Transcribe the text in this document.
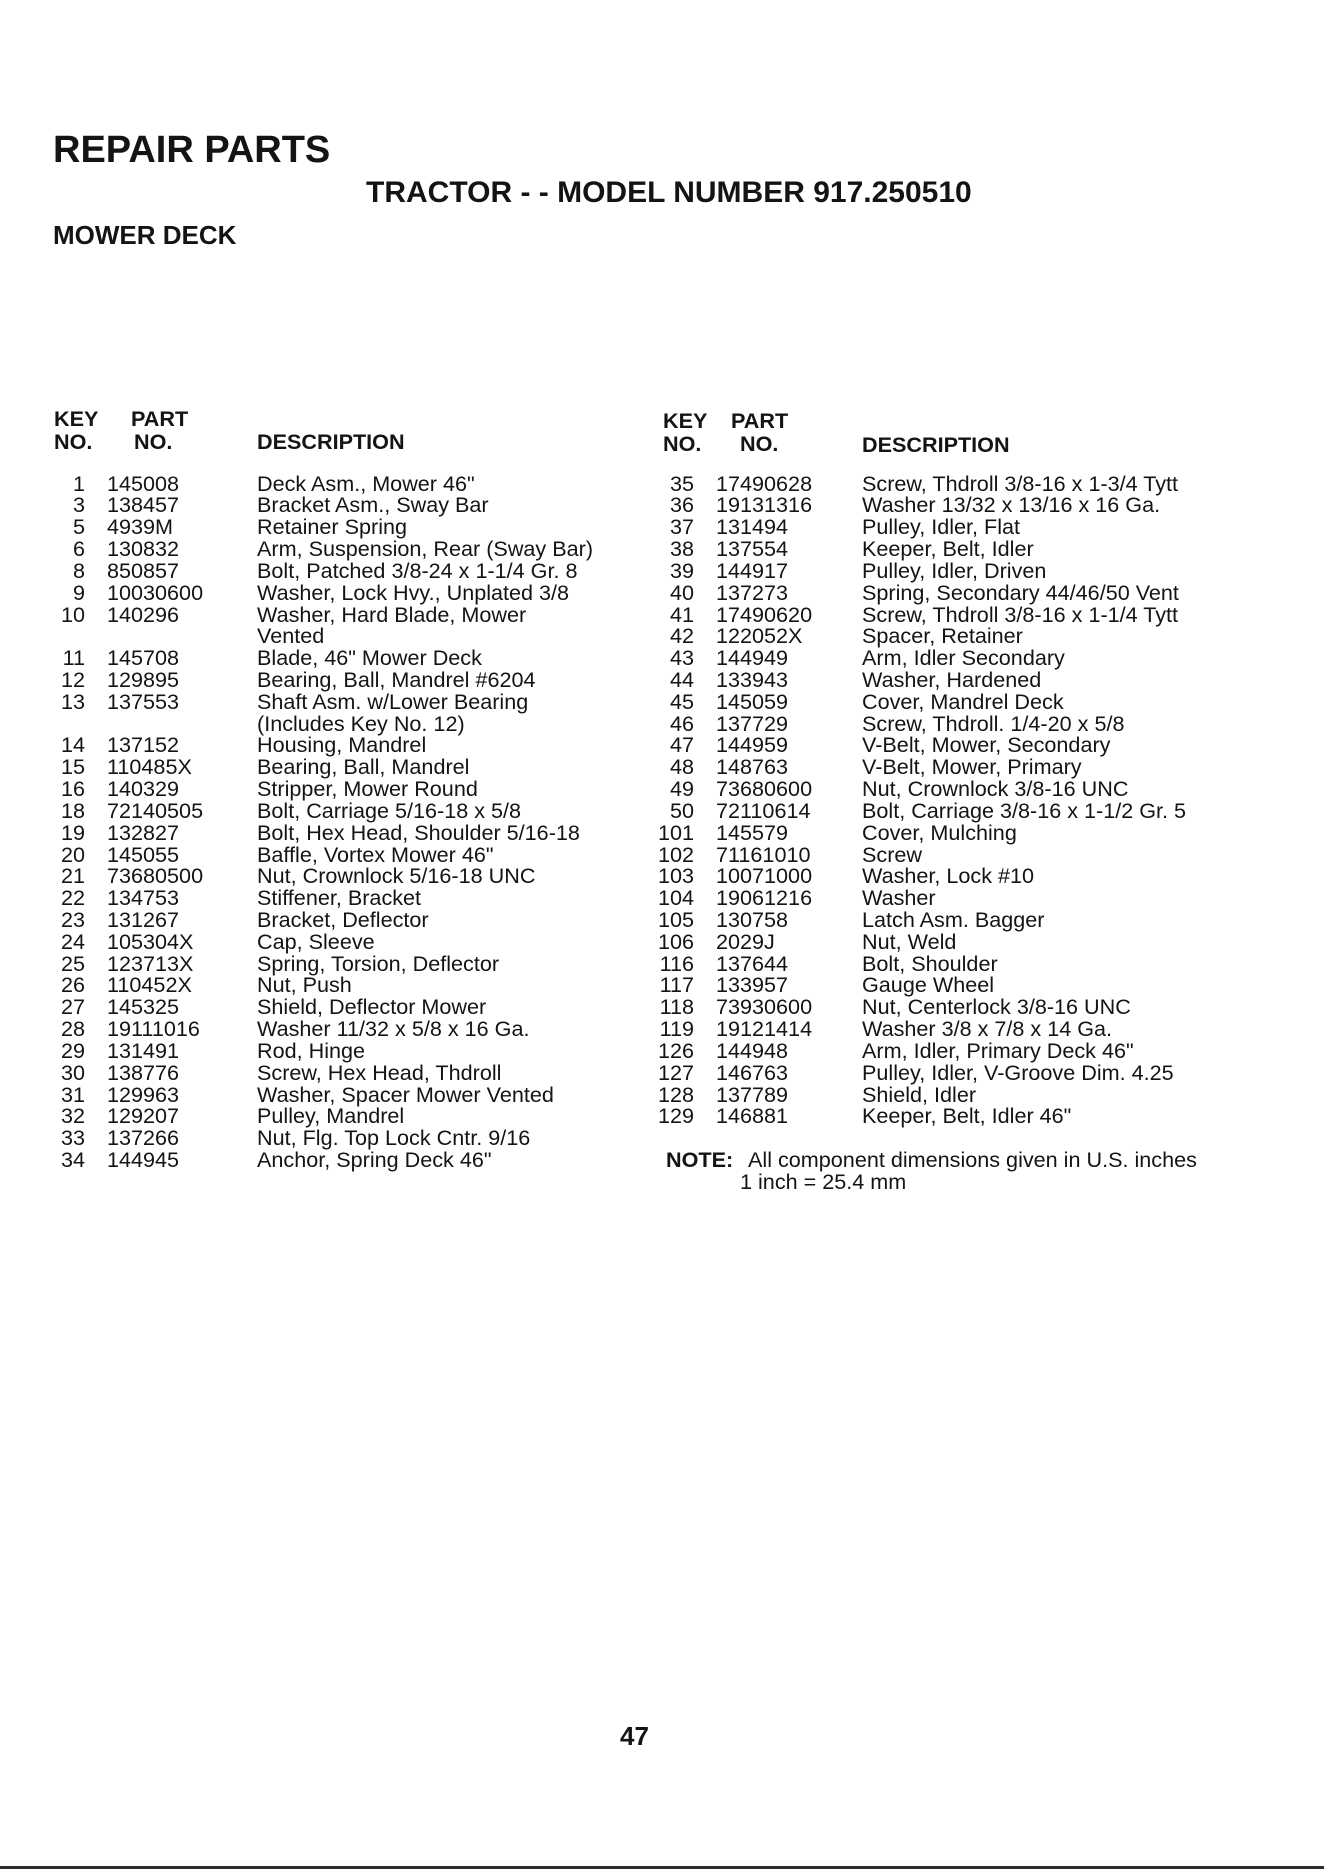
REPAIR PARTS
TRACTOR - - MODEL NUMBER 917.250510
MOWER DECK
KEY PART
NO. NO.	DESCRIPTION
KEY PART
NO. NO.	DESCRIPTION
1 145008	Deck Asm., Mower 46"
3 138457	Bracket Asm., Sway Bar
5 4939M	Retainer Spring
6 130832	Arm, Suspension, Rear (Sway Bar)
8 850857	Bolt, Patched 3/8-24 x 1-1/4 Gr. 8
9 10030600 Washer, Lock Hvy., Unplated 3/8
10 140296	Washer, Hard Blade, Mower
Vented
11 145708	Blade, 46" Mower Deck
12 129895	Bearing, Ball, Mandrel #6204
13 137553	Shaft Asm. w/Lower Bearing
(Includes Key No. 12)
14 137152	Housing, Mandrel
15 110485X	Bearing, Ball, Mandrel
16 140329	Stripper, Mower Round
18 72140505 Bolt, Carriage 5/16-18 x 5/8
19 132827	Bolt, Hex Head, Shoulder 5/16-18
20 145055	Baffle, Vortex Mower 46"
21 73680500 Nut, Crownlock 5/16-18 UNC
22 134753	Stiffener, Bracket
23 131267	Bracket, Deflector
24 105304X	Cap, Sleeve
25 123713X	Spring, Torsion, Deflector
26 110452X	Nut, Push
27 145325	Shield, Deflector Mower
28 19111016	Washer 11/32 x 5/8 x 16 Ga.
29 131491	Rod, Hinge
30 138776	Screw, Hex Head, Thdroll
31 129963	Washer, Spacer Mower Vented
32 129207	Pulley, Mandrel
33 137266	Nut, Flg. Top Lock Cntr. 9/16
34 144945	Anchor, Spring Deck 46"
35 17490628 Screw, Thdroll 3/8-16 x 1-3/4 Tytt
36 19131316 Washer 13/32 x 13/16 x 16 Ga.
37 131494	Pulley, Idler, Flat
38 137554	Keeper, Belt, Idler
39 144917	Pulley, Idler, Driven
40 137273	Spring, Secondary 44/46/50 Vent
41 17490620 Screw, Thdroll 3/8-16 x 1-1/4 Tytt
42 122052X	Spacer, Retainer
43 144949	Arm, Idler Secondary
44 133943	Washer, Hardened
45 145059	Cover, Mandrel Deck
46 137729	Screw, Thdroll. 1/4-20 x 5/8
47 144959	V-Belt, Mower, Secondary
48 148763	V-Belt, Mower, Primary
49 73680600 Nut, Crownlock 3/8-16 UNC
50 72110614 Bolt, Carriage 3/8-16 x 1-1/2 Gr. 5
101 145579	Cover, Mulching
102 71161010 Screw
103 10071000 Washer, Lock #10
104 19061216 Washer
105 130758	Latch Asm. Bagger
106 2029J	Nut, Weld
116 137644	Bolt, Shoulder
117 133957	Gauge Wheel
118 73930600 Nut, Centerlock 3/8-16 UNC
119 19121414 Washer 3/8 x 7/8 x 14 Ga.
126 144948	Arm, Idler, Primary Deck 46"
127 146763	Pulley, Idler, V-Groove Dim. 4.25
128 137789	Shield, Idler
129 146881	Keeper, Belt, Idler 46"
NOTE: All component dimensions given in U.S. inches
1 inch = 25.4 mm
47
